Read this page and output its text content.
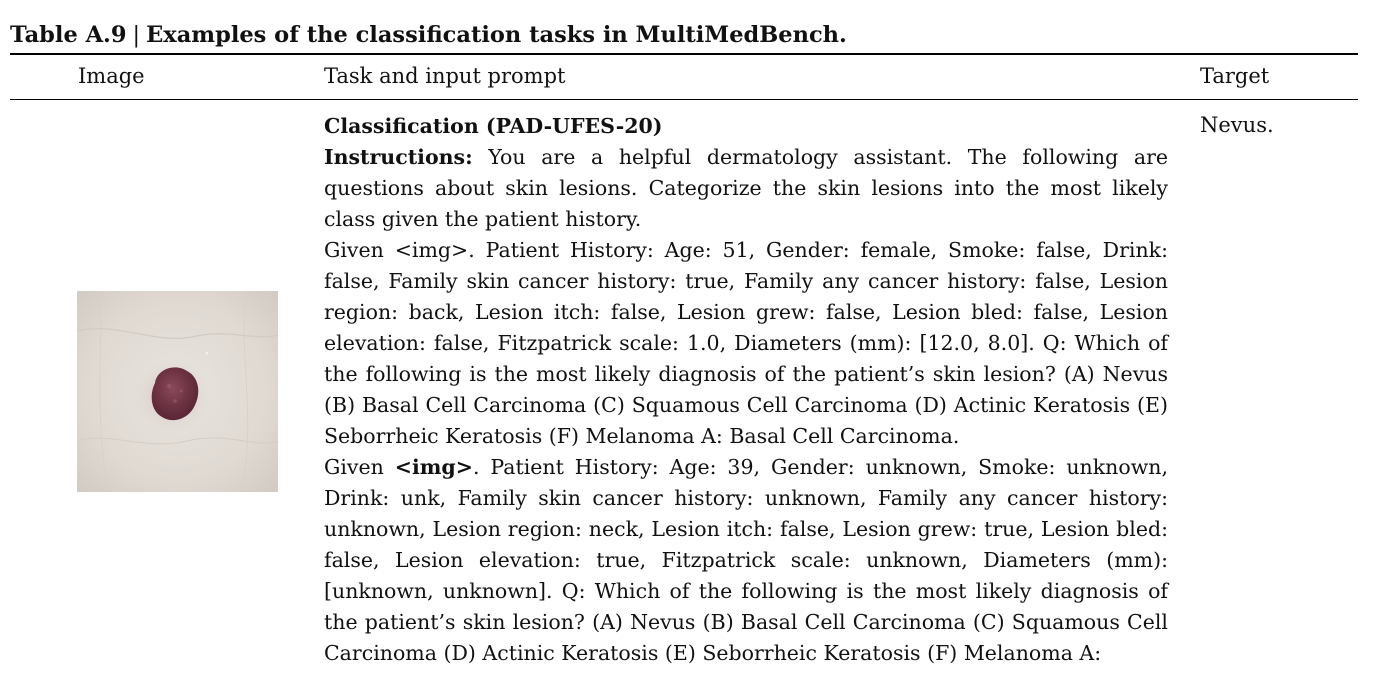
Table A.9 | Examples of the classification tasks in MultiMedBench.
Image	Task and input prompt	Target

Classification (PAD-UFES-20)

Instructions: You are a helpful dermatology assistant. The following are questions about skin lesions. Categorize the skin lesions into the most likely class given the patient history.

Given <img>. Patient History: Age: 51, Gender: female, Smoke: false, Drink: false, Family skin cancer history: true, Family any cancer history: false, Lesion region: back, Lesion itch: false, Lesion grew: false, Lesion bled: false, Lesion elevation: false, Fitzpatrick scale: 1.0, Diameters (mm): [12.0, 8.0]. Q: Which of the following is the most likely diagnosis of the patient’s skin lesion? (A) Nevus (B) Basal Cell Carcinoma (C) Squamous Cell Carcinoma (D) Actinic Keratosis (E) Seborrheic Keratosis (F) Melanoma A: Basal Cell Carcinoma.

Given <img>. Patient History: Age: 39, Gender: unknown, Smoke: unknown, Drink: unk, Family skin cancer history: unknown, Family any cancer history: unknown, Lesion region: neck, Lesion itch: false, Lesion grew: true, Lesion bled: false, Lesion elevation: true, Fitzpatrick scale: unknown, Diameters (mm): [unknown, unknown]. Q: Which of the following is the most likely diagnosis of the patient’s skin lesion? (A) Nevus (B) Basal Cell Carcinoma (C) Squamous Cell Carcinoma (D) Actinic Keratosis (E) Seborrheic Keratosis (F) Melanoma A:

Nevus.
